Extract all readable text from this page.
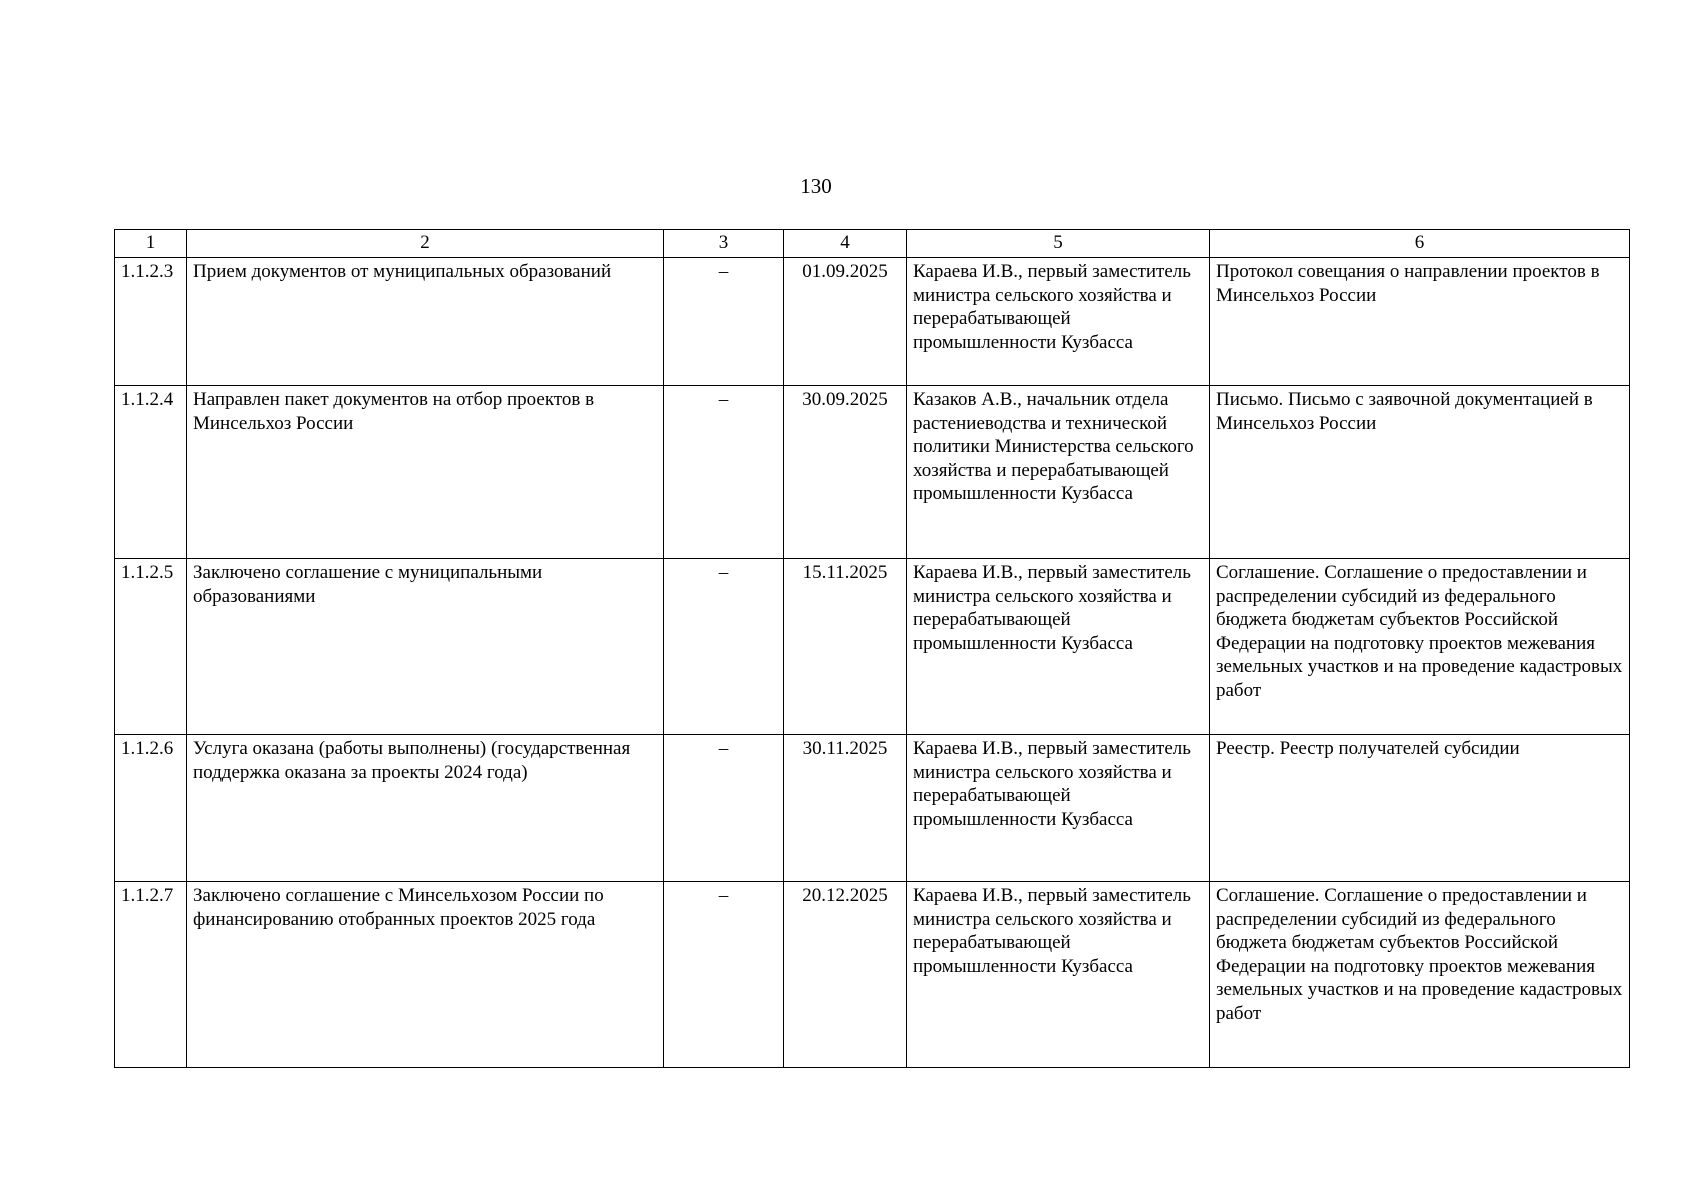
130
1	2	3	4	5	6
1.1.2.3	Прием документов от муниципальных образований	–	01.09.2025	Караева И.В., первый заместитель министра сельского хозяйства и перерабатывающей промышленности Кузбасса	Протокол совещания о направлении проектов в Минсельхоз России
1.1.2.4	Направлен пакет документов на отбор проектов в Минсельхоз России	–	30.09.2025	Казаков А.В., начальник отдела растениеводства и технической политики Министерства сельского хозяйства и перерабатывающей промышленности Кузбасса	Письмо. Письмо с заявочной документацией в Минсельхоз России
1.1.2.5	Заключено соглашение с муниципальными образованиями	–	15.11.2025	Караева И.В., первый заместитель министра сельского хозяйства и перерабатывающей промышленности Кузбасса	Соглашение. Соглашение о предоставлении и распределении субсидий из федерального бюджета бюджетам субъектов Российской Федерации на подготовку проектов межевания земельных участков и на проведение кадастровых работ
1.1.2.6	Услуга оказана (работы выполнены) (государственная поддержка оказана за проекты 2024 года)	–	30.11.2025	Караева И.В., первый заместитель министра сельского хозяйства и перерабатывающей промышленности Кузбасса	Реестр. Реестр получателей субсидии
1.1.2.7	Заключено соглашение с Минсельхозом России по финансированию отобранных проектов 2025 года	–	20.12.2025	Караева И.В., первый заместитель министра сельского хозяйства и перерабатывающей промышленности Кузбасса	Соглашение. Соглашение о предоставлении и распределении субсидий из федерального бюджета бюджетам субъектов Российской Федерации на подготовку проектов межевания земельных участков и на проведение кадастровых работ
